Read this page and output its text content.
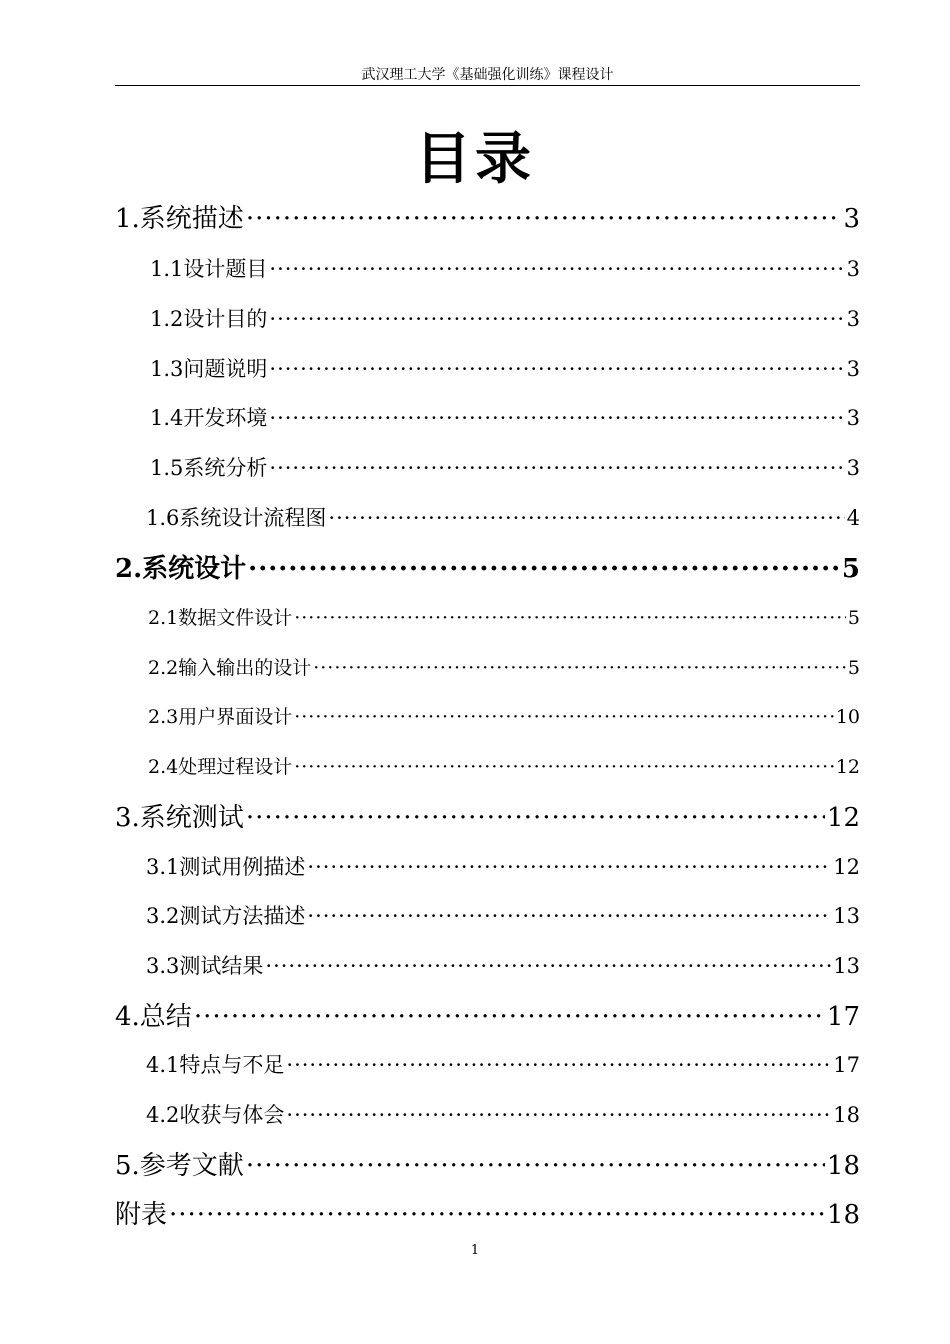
武汉理工大学《基础强化训练》课程设计
目录
1.系统描述 ·····	3
1.1设计题目 ·····	3
1.2设计目的 ·····	3
1.3问题说明 ·····	3
1.4开发环境 ·····	3
1.5系统分析 ·····	3
1.6系统设计流程图 ·····	4
2.系统设计 ·····	5
2.1数据文件设计 ·····	5
2.2输入输出的设计 ·····	5
2.3用户界面设计 ·····	10
2.4处理过程设计 ·····	12
3.系统测试 ·····	12
3.1测试用例描述 ·····	12
3.2测试方法描述 ·····	13
3.3测试结果 ·····	13
4.总结 ·····	17
4.1特点与不足 ·····	17
4.2收获与体会 ·····	18
5.参考文献 ·····	18
附表 ·····	18
1
